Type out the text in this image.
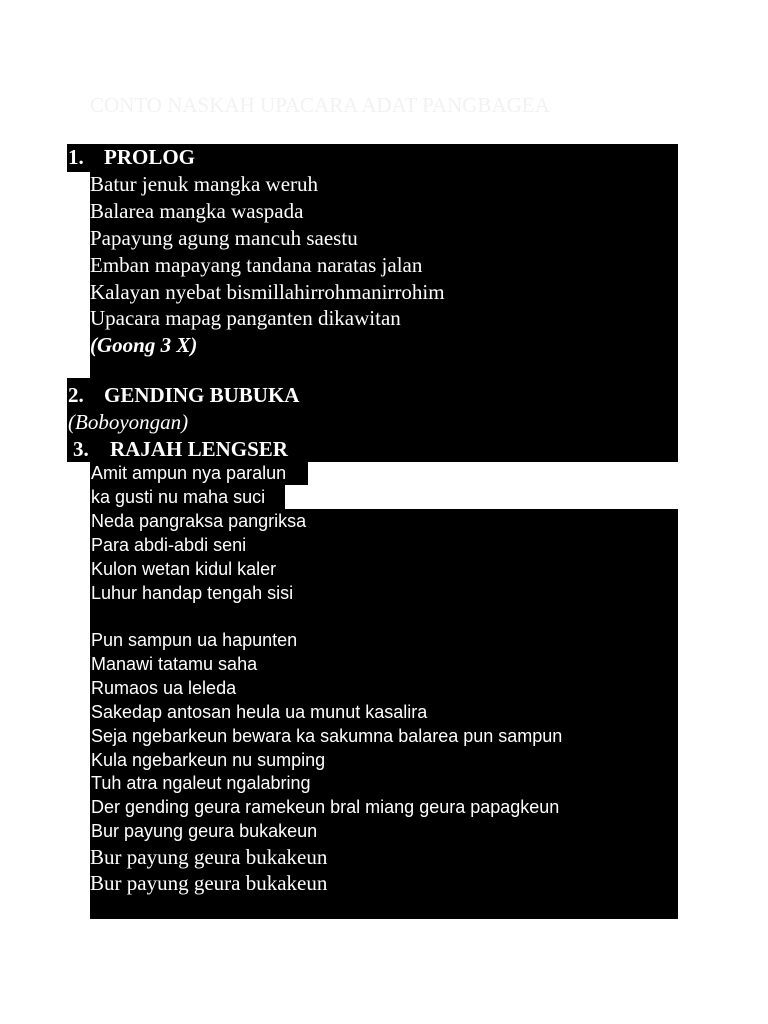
CONTO NASKAH UPACARA ADAT PANGBAGEA
1. PROLOG
Batur jenuk mangka weruh
Balarea mangka waspada
Papayung agung mancuh saestu
Emban mapayang tandana naratas jalan
Kalayan nyebat bismillahirrohmanirrohim
Upacara mapag panganten dikawitan
(Goong 3 X)
2. GENDING BUBUKA
(Boboyongan)
3. RAJAH LENGSER
Amit ampun nya paralun
ka gusti nu maha suci
Neda pangraksa pangriksa
Para abdi-abdi seni
Kulon wetan kidul kaler
Luhur handap tengah sisi
Pun sampun ua hapunten
Manawi tatamu saha
Rumaos ua leleda
Sakedap antosan heula ua munut kasalira
Seja ngebarkeun bewara ka sakumna balarea pun sampun
Kula ngebarkeun nu sumping
Tuh atra ngaleut ngalabring
Der gending geura ramekeun bral miang geura papagkeun
Bur payung geura bukakeun
Bur payung geura bukakeun
Bur payung geura bukakeun
